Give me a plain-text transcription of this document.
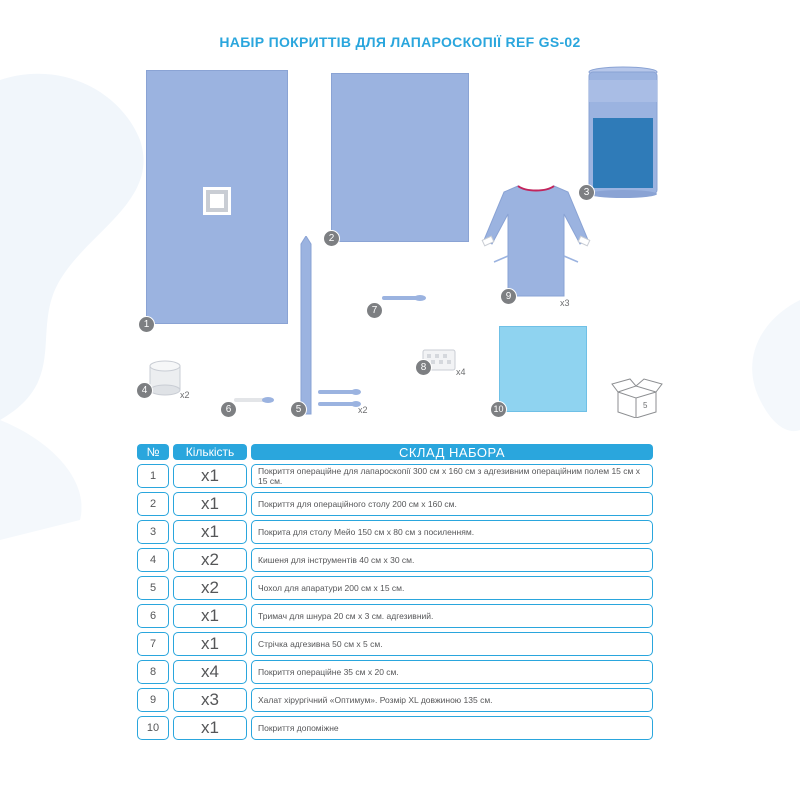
НАБІР ПОКРИТТІВ ДЛЯ ЛАПАРОСКОПІЇ REF GS-02
5
1
2
3
4
5
6
7
8
9
10
x2
x2
x4
x3
№	Кількість	СКЛАД НАБОРА
1	x1	Покриття операційне для лапароскопії 300 см х 160 см з адгезивним операційним полем 15 см х 15 см.
2	x1	Покриття для операційного столу 200 см х 160 см.
3	x1	Покрита для столу Мейо 150 см х 80 см з посиленням.
4	x2	Кишеня для інструментів 40 см х 30 см.
5	x2	Чохол для апаратури 200 см х 15 см.
6	x1	Тримач для шнура 20 см х 3 см. адгезивний.
7	x1	Стрічка адгезивна 50 см х 5 см.
8	x4	Покриття операційне 35 см х 20 см.
9	x3	Халат хірургічний «Оптимум». Розмір XL довжиною 135 см.
10	x1	Покриття допоміжне
